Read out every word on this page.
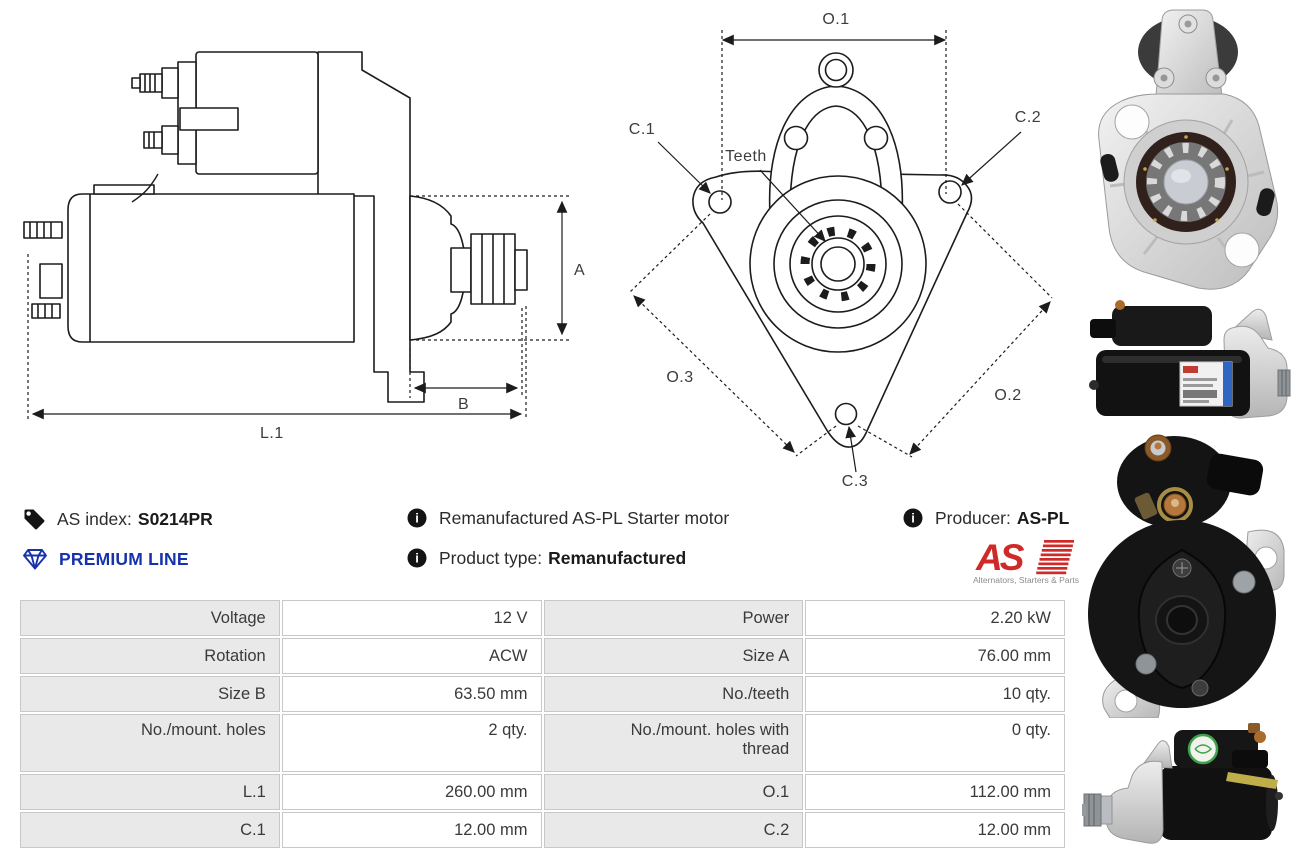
A
B
L.1
O.1
C.1
C.2
Teeth
O.3
O.2
C.3
AS index: S0214PR
PREMIUM LINE
i Remanufactured AS-PL Starter motor
i Product type: Remanufactured
i Producer: AS-PL
AS
Alternators, Starters & Parts
Voltage	12 V	Power	2.20 kW
Rotation	ACW	Size A	76.00 mm
Size B	63.50 mm	No./teeth	10 qty.
No./mount. holes	2 qty.	No./mount. holes with thread	0 qty.
L.1	260.00 mm	O.1	112.00 mm
C.1	12.00 mm	C.2	12.00 mm
